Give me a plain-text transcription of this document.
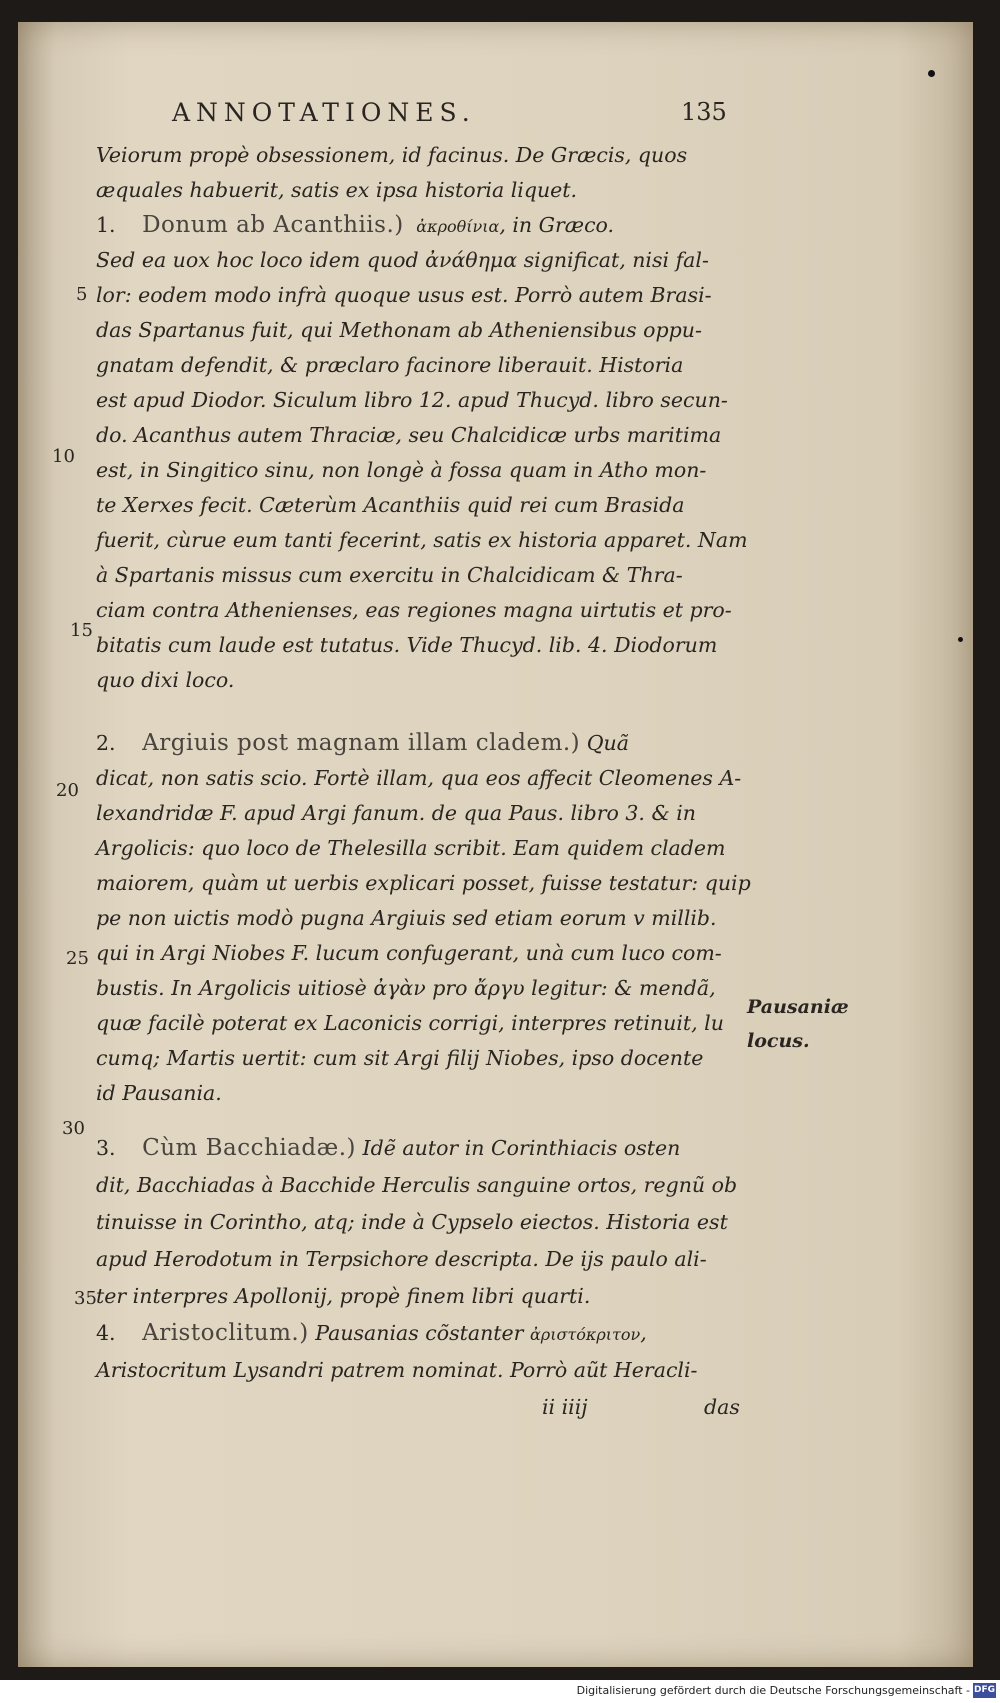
ANNOTATIONES.	135
Veiorum propè obsessionem, id facinus. De Græcis, quos
æquales habuerit, satis ex ipsa historia liquet.
1. Donum ab Acanthiis.) ἀκροθίνια, in Græco.
Sed ea uox hoc loco idem quod ἀνάθημα significat, nisi fal-
lor: eodem modo infrà quoque usus est. Porrò autem Brasi-
das Spartanus fuit, qui Methonam ab Atheniensibus oppu-
gnatam defendit, & præclaro facinore liberauit. Historia
est apud Diodor. Siculum libro 12. apud Thucyd. libro secun-
do. Acanthus autem Thraciæ, seu Chalcidicæ urbs maritima
est, in Singitico sinu, non longè à fossa quam in Atho mon-
te Xerxes fecit. Cæterùm Acanthiis quid rei cum Brasida
fuerit, cùrue eum tanti fecerint, satis ex historia apparet. Nam
à Spartanis missus cum exercitu in Chalcidicam & Thra-
ciam contra Athenienses, eas regiones magna uirtutis et pro-
bitatis cum laude est tutatus. Vide Thucyd. lib. 4. Diodorum
quo dixi loco.
2. Argiuis post magnam illam cladem.) Quã
dicat, non satis scio. Fortè illam, qua eos affecit Cleomenes A-
lexandridæ F. apud Argi fanum. de qua Paus. libro 3. & in
Argolicis: quo loco de Thelesilla scribit. Eam quidem cladem
maiorem, quàm ut uerbis explicari posset, fuisse testatur: quip
pe non uictis modò pugna Argiuis sed etiam eorum v millib.
qui in Argi Niobes F. lucum confugerant, unà cum luco com-
bustis. In Argolicis uitiosè ἀγὰν pro ἄργυ legitur: & mendã,
quæ facilè poterat ex Laconicis corrigi, interpres retinuit, lu
cumq; Martis uertit: cum sit Argi filij Niobes, ipso docente
id Pausania.
3. Cùm Bacchiadæ.) Idẽ autor in Corinthiacis osten
dit, Bacchiadas à Bacchide Herculis sanguine ortos, regnũ ob
tinuisse in Corintho, atq; inde à Cypselo eiectos. Historia est
apud Herodotum in Terpsichore descripta. De ijs paulo ali-
ter interpres Apollonij, propè finem libri quarti.
4. Aristoclitum.) Pausanias cõstanter ἀριστόκριτον,
Aristocritum Lysandri patrem nominat. Porrò aũt Heracli-
ii iiij	das
5
10
15
20
25
30
35
Pausaniæ
locus.
Digitalisierung gefördert durch die Deutsche Forschungsgemeinschaft - DFG
